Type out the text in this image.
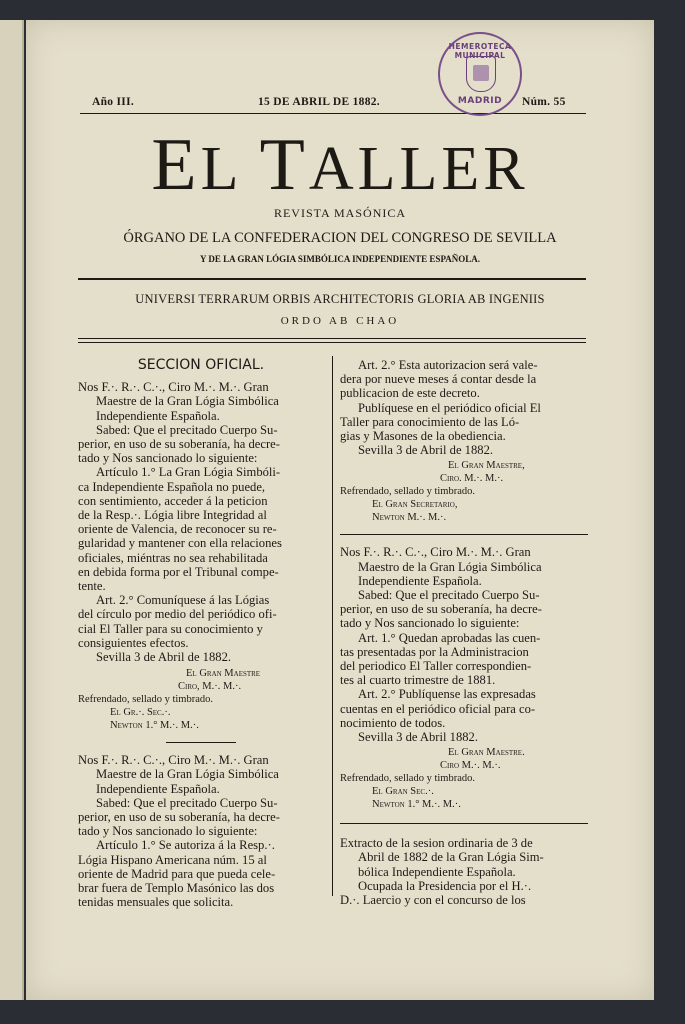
Año III.	15 DE ABRIL DE 1882.	Núm. 55
HEMEROTECA MUNICIPAL
MADRID
EL TALLER
REVISTA MASÓNICA
ÓRGANO DE LA CONFEDERACION DEL CONGRESO DE SEVILLA
Y DE LA GRAN LÓGIA SIMBÓLICA INDEPENDIENTE ESPAÑOLA.
UNIVERSI TERRARUM ORBIS ARCHITECTORIS GLORIA AB INGENIIS
ORDO AB CHAO
SECCION OFICIAL.

Nos F.·. R.·. C.·., Ciro M.·. M.·. Gran

Maestre de la Gran Lógia Simbólica

Independiente Española.

Sabed: Que el precitado Cuerpo Su-

perior, en uso de su soberanía, ha decre-

tado y Nos sancionado lo siguiente:

Artículo 1.° La Gran Lógia Simbóli-

ca Independiente Española no puede,

con sentimiento, acceder á la peticion

de la Resp.·. Lógia libre Integridad al

oriente de Valencia, de reconocer su re-

gularidad y mantener con ella relaciones

oficiales, miéntras no sea rehabilitada

en debida forma por el Tribunal compe-

tente.

Art. 2.° Comuníquese á las Lógias

del círculo por medio del periódico ofi-

cial El Taller para su conocimiento y

consiguientes efectos.

Sevilla 3 de Abril de 1882.

El Gran Maestre

Ciro, M.·. M.·.

Refrendado, sellado y timbrado.

El Gr.·. Sec.·.

Newton 1.° M.·. M.·.

Nos F.·. R.·. C.·., Ciro M.·. M.·. Gran

Maestre de la Gran Lógia Simbólica

Independiente Española.

Sabed: Que el precitado Cuerpo Su-

perior, en uso de su soberanía, ha decre-

tado y Nos sancionado lo siguiente:

Artículo 1.° Se autoriza á la Resp.·.

Lógia Hispano Americana núm. 15 al

oriente de Madrid para que pueda cele-

brar fuera de Templo Masónico las dos

tenidas mensuales que solicita.

Art. 2.° Esta autorizacion será vale-

dera por nueve meses á contar desde la

publicacion de este decreto.

Publíquese en el periódico oficial El

Taller para conocimiento de las Ló-

gias y Masones de la obediencia.

Sevilla 3 de Abril de 1882.

El Gran Maestre,

Ciro. M.·. M.·.

Refrendado, sellado y timbrado.

El Gran Secretario,

Newton M.·. M.·.

Nos F.·. R.·. C.·., Ciro M.·. M.·. Gran

Maestro de la Gran Lógia Simbólica

Independiente Española.

Sabed: Que el precitado Cuerpo Su-

perior, en uso de su soberanía, ha decre-

tado y Nos sancionado lo siguiente:

Art. 1.° Quedan aprobadas las cuen-

tas presentadas por la Administracion

del periodico El Taller correspondien-

tes al cuarto trimestre de 1881.

Art. 2.° Publíquense las expresadas

cuentas en el periódico oficial para co-

nocimiento de todos.

Sevilla 3 de Abril 1882.

El Gran Maestre.

Ciro M.·. M.·.

Refrendado, sellado y timbrado.

El Gran Sec.·.

Newton 1.° M.·. M.·.

Extracto de la sesion ordinaria de 3 de

Abril de 1882 de la Gran Lógia Sim-

bólica Independiente Española.

Ocupada la Presidencia por el H.·.

D.·. Laercio y con el concurso de los
